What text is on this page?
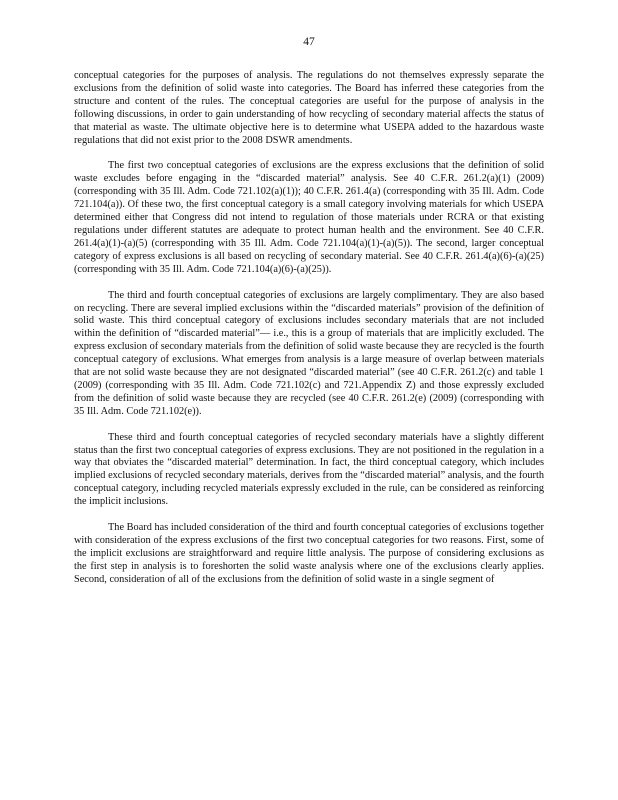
47

conceptual categories for the purposes of analysis. The regulations do not themselves expressly separate the exclusions from the definition of solid waste into categories. The Board has inferred these categories from the structure and content of the rules. The conceptual categories are useful for the purpose of analysis in the following discussions, in order to gain understanding of how recycling of secondary material affects the status of that material as waste. The ultimate objective here is to determine what USEPA added to the hazardous waste regulations that did not exist prior to the 2008 DSWR amendments.

The first two conceptual categories of exclusions are the express exclusions that the definition of solid waste excludes before engaging in the “discarded material” analysis. See 40 C.F.R. 261.2(a)(1) (2009) (corresponding with 35 Ill. Adm. Code 721.102(a)(1)); 40 C.F.R. 261.4(a) (corresponding with 35 Ill. Adm. Code 721.104(a)). Of these two, the first conceptual category is a small category involving materials for which USEPA determined either that Congress did not intend to regulation of those materials under RCRA or that existing regulations under different statutes are adequate to protect human health and the environment. See 40 C.F.R. 261.4(a)(1)-(a)(5) (corresponding with 35 Ill. Adm. Code 721.104(a)(1)-(a)(5)). The second, larger conceptual category of express exclusions is all based on recycling of secondary material. See 40 C.F.R. 261.4(a)(6)-(a)(25) (corresponding with 35 Ill. Adm. Code 721.104(a)(6)-(a)(25)).

The third and fourth conceptual categories of exclusions are largely complimentary. They are also based on recycling. There are several implied exclusions within the “discarded materials” provision of the definition of solid waste. This third conceptual category of exclusions includes secondary materials that are not included within the definition of “discarded material”— i.e., this is a group of materials that are implicitly excluded. The express exclusion of secondary materials from the definition of solid waste because they are recycled is the fourth conceptual category of exclusions. What emerges from analysis is a large measure of overlap between materials that are not solid waste because they are not designated “discarded material” (see 40 C.F.R. 261.2(c) and table 1 (2009) (corresponding with 35 Ill. Adm. Code 721.102(c) and 721.Appendix Z) and those expressly excluded from the definition of solid waste because they are recycled (see 40 C.F.R. 261.2(e) (2009) (corresponding with 35 Ill. Adm. Code 721.102(e)).

These third and fourth conceptual categories of recycled secondary materials have a slightly different status than the first two conceptual categories of express exclusions. They are not positioned in the regulation in a way that obviates the “discarded material” determination. In fact, the third conceptual category, which includes implied exclusions of recycled secondary materials, derives from the “discarded material” analysis, and the fourth conceptual category, including recycled materials expressly excluded in the rule, can be considered as reinforcing the implicit inclusions.

The Board has included consideration of the third and fourth conceptual categories of exclusions together with consideration of the express exclusions of the first two conceptual categories for two reasons. First, some of the implicit exclusions are straightforward and require little analysis. The purpose of considering exclusions as the first step in analysis is to foreshorten the solid waste analysis where one of the exclusions clearly applies. Second, consideration of all of the exclusions from the definition of solid waste in a single segment of
